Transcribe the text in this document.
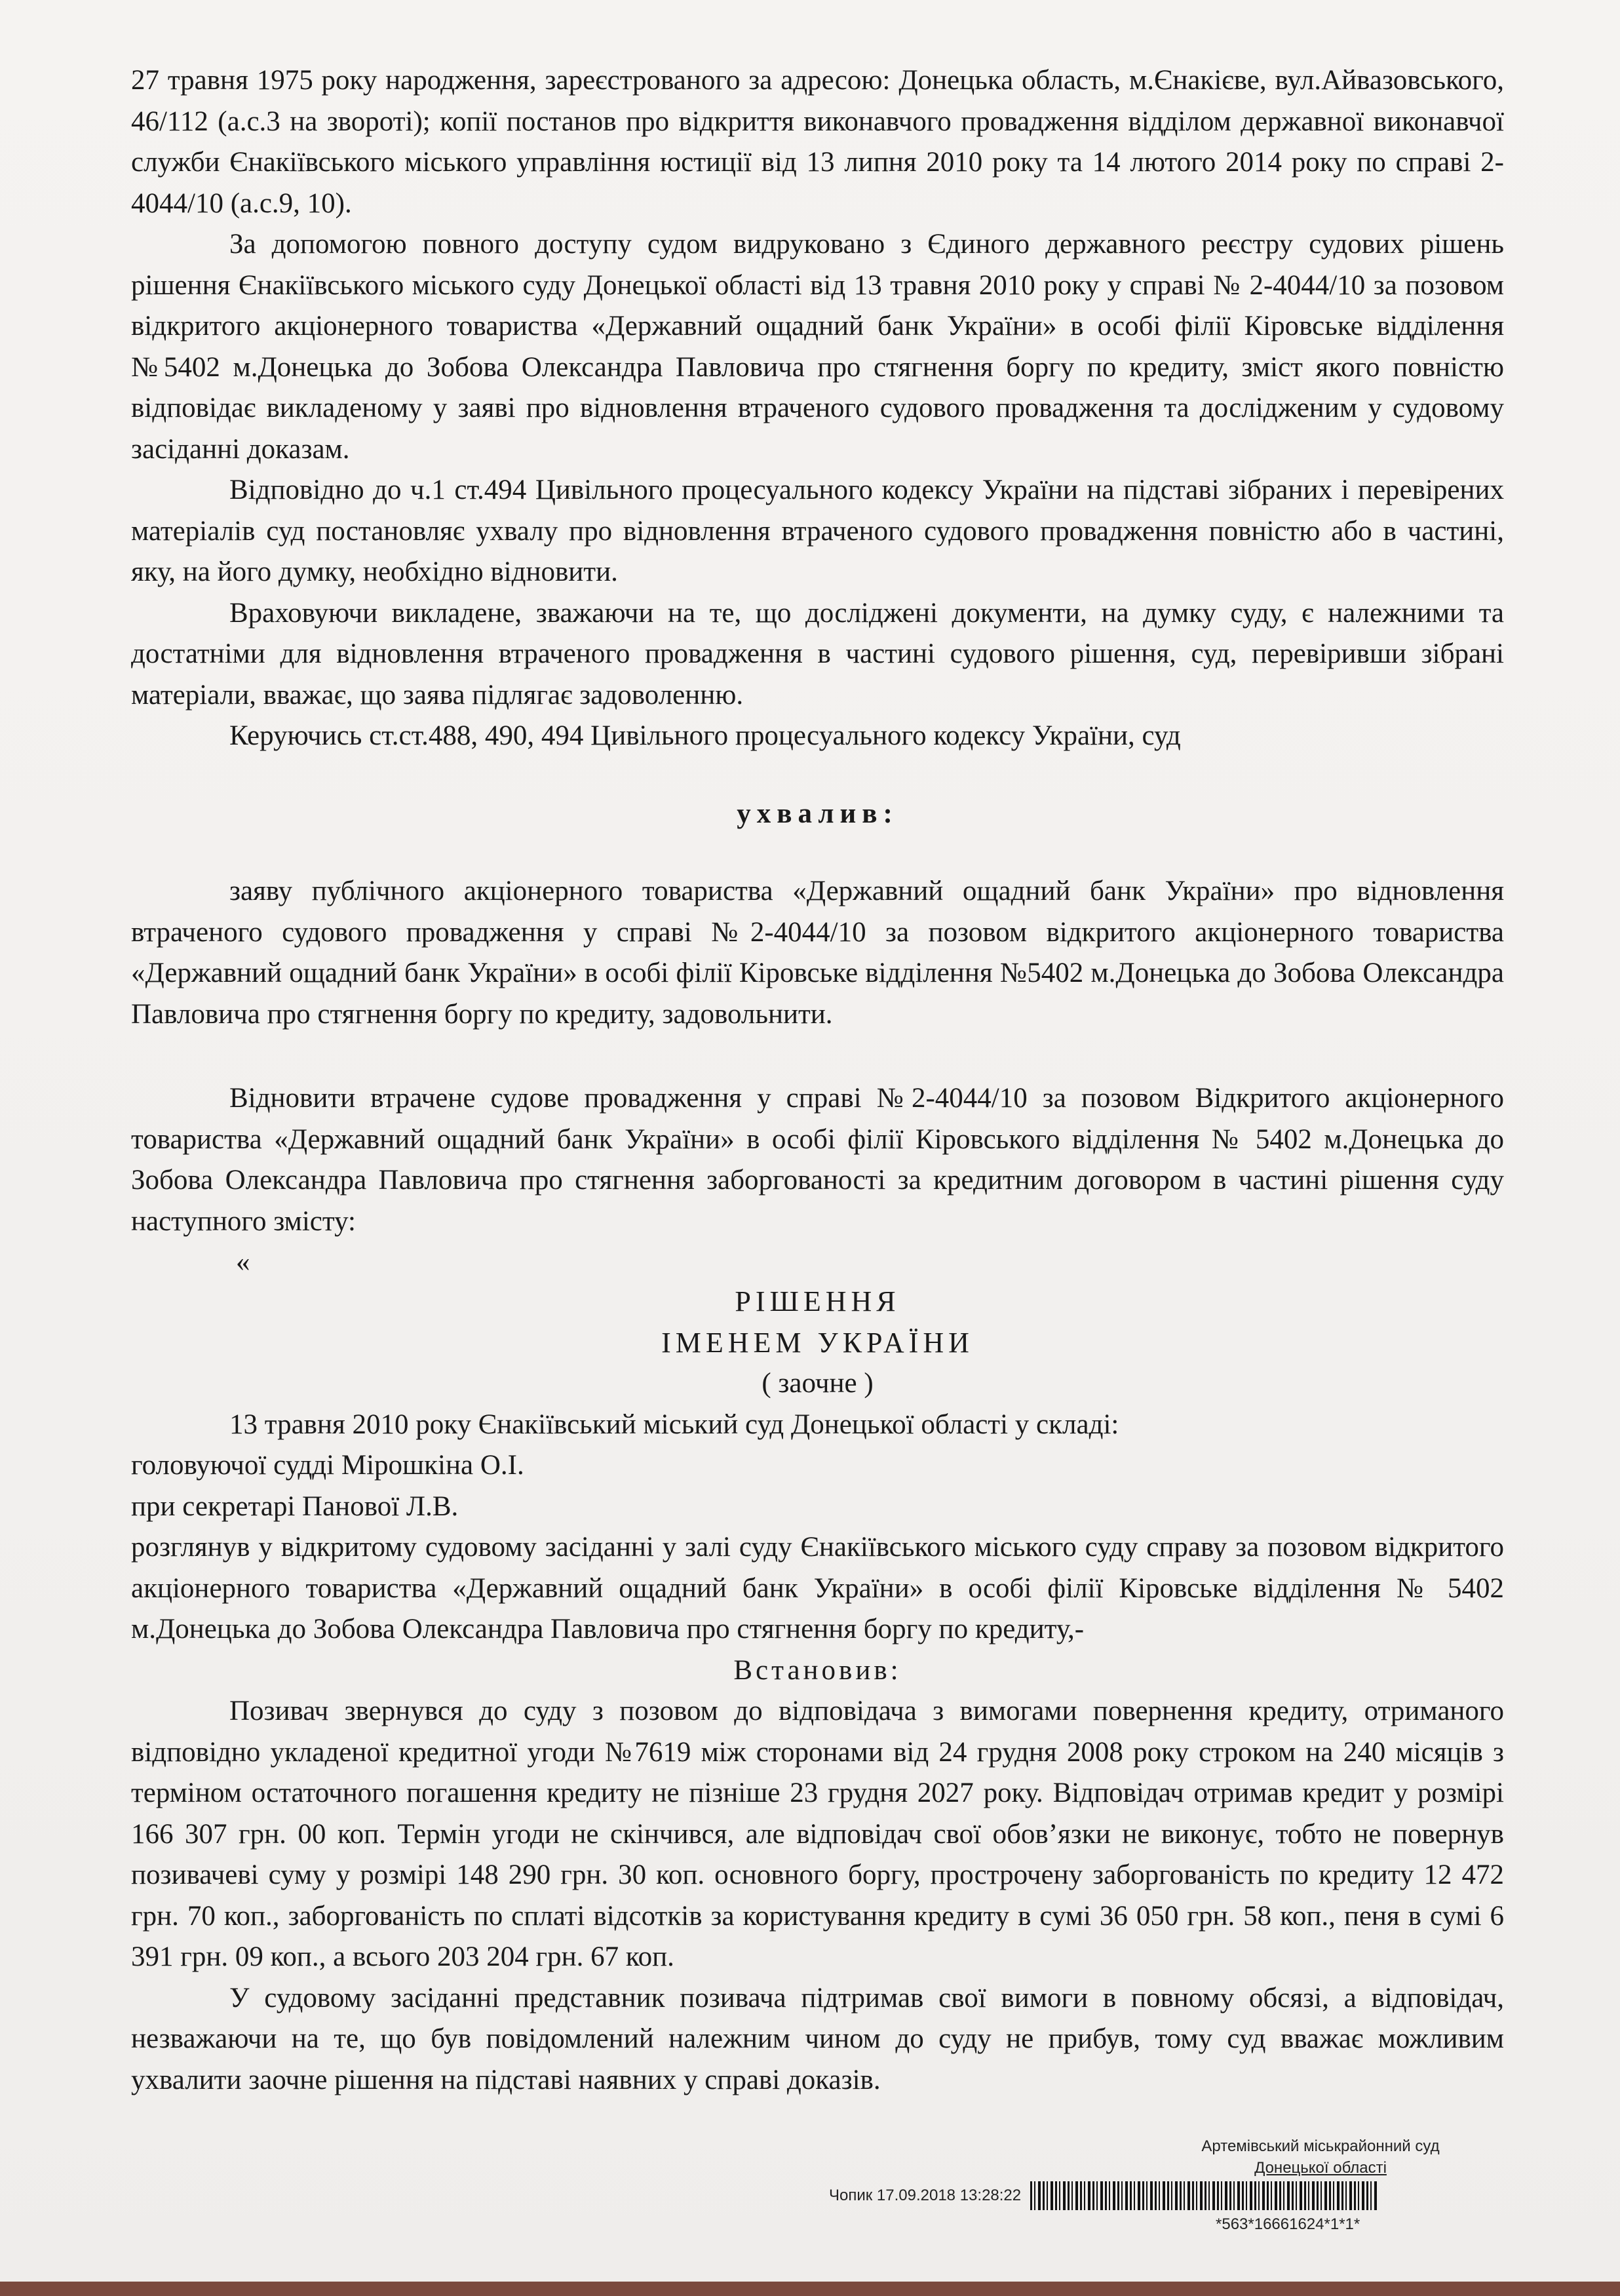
27 травня 1975 року народження, зареєстрованого за адресою: Донецька область, м.Єнакієве, вул.Айвазовського, 46/112 (а.с.3 на звороті); копії постанов про відкриття виконавчого провадження відділом державної виконавчої служби Єнакіївського міського управління юстиції від 13 липня 2010 року та 14 лютого 2014 року по справі 2-4044/10 (а.с.9, 10).

За допомогою повного доступу судом видруковано з Єдиного державного реєстру судових рішень рішення Єнакіївського міського суду Донецької області від 13 травня 2010 року у справі № 2-4044/10 за позовом відкритого акціонерного товариства «Державний ощадний банк України» в особі філії Кіровське відділення №5402 м.Донецька до Зобова Олександра Павловича про стягнення боргу по кредиту, зміст якого повністю відповідає викладеному у заяві про відновлення втраченого судового провадження та дослідженим у судовому засіданні доказам.

Відповідно до ч.1 ст.494 Цивільного процесуального кодексу України на підставі зібраних і перевірених матеріалів суд постановляє ухвалу про відновлення втраченого судового провадження повністю або в частині, яку, на його думку, необхідно відновити.

Враховуючи викладене, зважаючи на те, що досліджені документи, на думку суду, є належними та достатніми для відновлення втраченого провадження в частині судового рішення, суд, перевіривши зібрані матеріали, вважає, що заява підлягає задоволенню.

Керуючись ст.ст.488, 490, 494 Цивільного процесуального кодексу України, суд

ухвалив:

заяву публічного акціонерного товариства «Державний ощадний банк України» про відновлення втраченого судового провадження у справі №2-4044/10 за позовом відкритого акціонерного товариства «Державний ощадний банк України» в особі філії Кіровське відділення №5402 м.Донецька до Зобова Олександра Павловича про стягнення боргу по кредиту, задовольнити.

Відновити втрачене судове провадження у справі №2-4044/10 за позовом Відкритого акціонерного товариства «Державний ощадний банк України» в особі філії Кіровського відділення № 5402 м.Донецька до Зобова Олександра Павловича про стягнення заборгованості за кредитним договором в частині рішення суду наступного змісту:

«

РІШЕННЯ

ІМЕНЕМ УКРАЇНИ

( заочне )

13 травня 2010 року Єнакіївський міський суд Донецької області у складі:

головуючої судді Мірошкіна О.І.

при секретарі Панової Л.В.

розглянув у відкритому судовому засіданні у залі суду Єнакіївського міського суду справу за позовом відкритого акціонерного товариства «Державний ощадний банк України» в особі філії Кіровське відділення № 5402 м.Донецька до Зобова Олександра Павловича про стягнення боргу по кредиту,-

Встановив:

Позивач звернувся до суду з позовом до відповідача з вимогами повернення кредиту, отриманого відповідно укладеної кредитної угоди №7619 між сторонами від 24 грудня 2008 року строком на 240 місяців з терміном остаточного погашення кредиту не пізніше 23 грудня 2027 року. Відповідач отримав кредит у розмірі 166 307 грн. 00 коп. Термін угоди не скінчився, але відповідач свої обов’язки не виконує, тобто не повернув позивачеві суму у розмірі 148 290 грн. 30 коп. основного боргу, прострочену заборгованість по кредиту 12 472 грн. 70 коп., заборгованість по сплаті відсотків за користування кредиту в сумі 36 050 грн. 58 коп., пеня в сумі 6 391 грн. 09 коп., а всього 203 204 грн. 67 коп.

У судовому засіданні представник позивача підтримав свої вимоги в повному обсязі, а відповідач, незважаючи на те, що був повідомлений належним чином до суду не прибув, тому суд вважає можливим ухвалити заочне рішення на підставі наявних у справі доказів.

Артемівський міськрайонний суд
Донецької області
Чопик 17.09.2018 13:28:22
*563*16661624*1*1*
